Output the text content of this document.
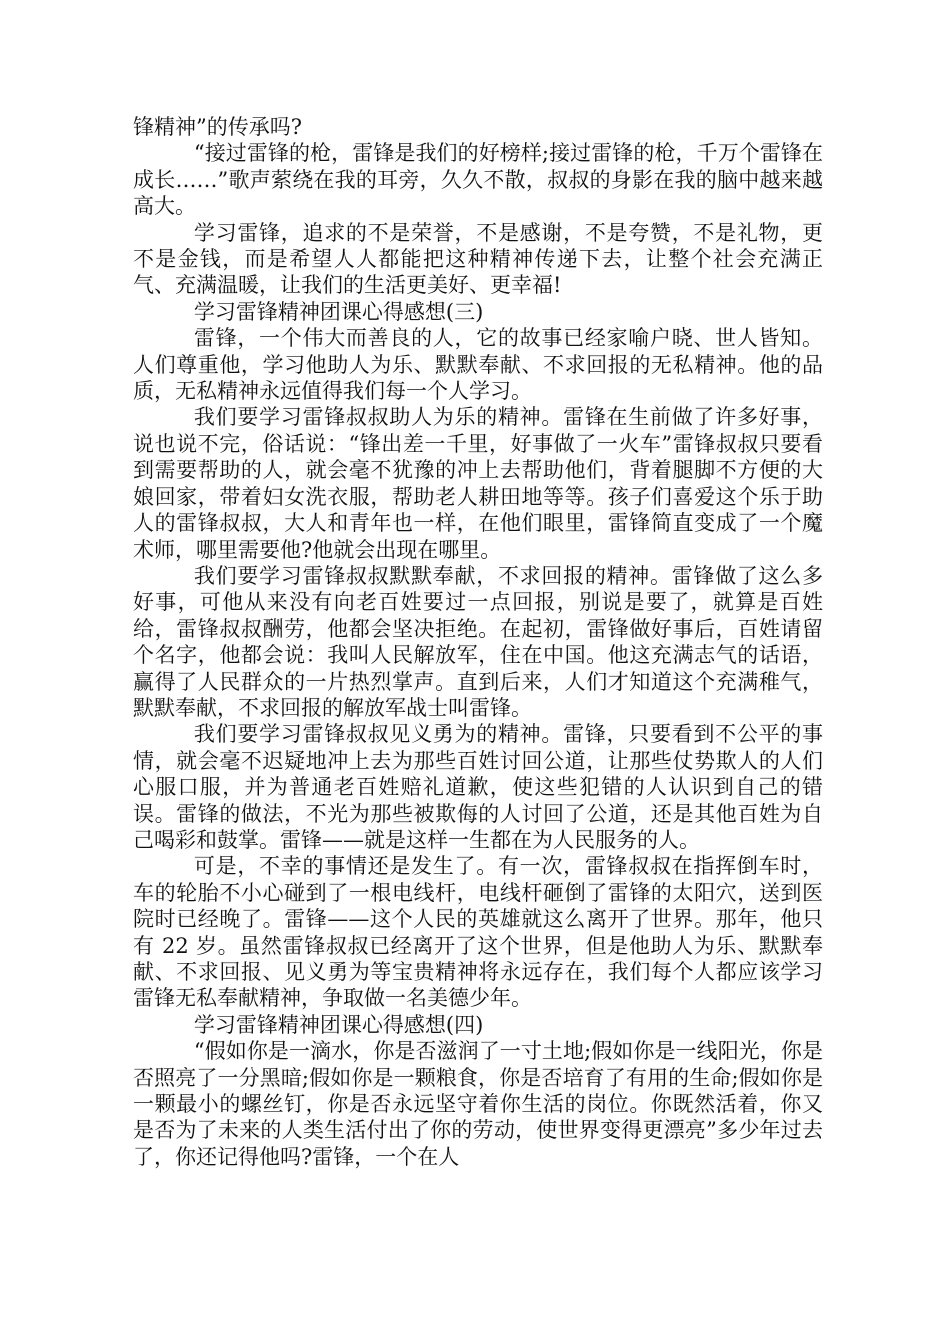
锋精神”的传承吗?

“接过雷锋的枪，雷锋是我们的好榜样;接过雷锋的枪，千万个雷锋在成长……”歌声萦绕在我的耳旁，久久不散，叔叔的身影在我的脑中越来越高大。

学习雷锋，追求的不是荣誉，不是感谢，不是夸赞，不是礼物，更不是金钱，而是希望人人都能把这种精神传递下去，让整个社会充满正气、充满温暖，让我们的生活更美好、更幸福!

学习雷锋精神团课心得感想(三)

雷锋，一个伟大而善良的人，它的故事已经家喻户晓、世人皆知。人们尊重他，学习他助人为乐、默默奉献、不求回报的无私精神。他的品质，无私精神永远值得我们每一个人学习。

我们要学习雷锋叔叔助人为乐的精神。雷锋在生前做了许多好事，说也说不完，俗话说：“锋出差一千里，好事做了一火车”雷锋叔叔只要看到需要帮助的人，就会毫不犹豫的冲上去帮助他们，背着腿脚不方便的大娘回家，带着妇女洗衣服，帮助老人耕田地等等。孩子们喜爱这个乐于助人的雷锋叔叔，大人和青年也一样，在他们眼里，雷锋简直变成了一个魔术师，哪里需要他?他就会出现在哪里。

我们要学习雷锋叔叔默默奉献，不求回报的精神。雷锋做了这么多好事，可他从来没有向老百姓要过一点回报，别说是要了，就算是百姓给，雷锋叔叔酬劳，他都会坚决拒绝。在起初，雷锋做好事后，百姓请留个名字，他都会说：我叫人民解放军，住在中国。他这充满志气的话语，赢得了人民群众的一片热烈掌声。直到后来，人们才知道这个充满稚气，默默奉献，不求回报的解放军战士叫雷锋。

我们要学习雷锋叔叔见义勇为的精神。雷锋，只要看到不公平的事情，就会毫不迟疑地冲上去为那些百姓讨回公道，让那些仗势欺人的人们心服口服，并为普通老百姓赔礼道歉，使这些犯错的人认识到自己的错误。雷锋的做法，不光为那些被欺侮的人讨回了公道，还是其他百姓为自己喝彩和鼓掌。雷锋——就是这样一生都在为人民服务的人。

可是，不幸的事情还是发生了。有一次，雷锋叔叔在指挥倒车时，车的轮胎不小心碰到了一根电线杆，电线杆砸倒了雷锋的太阳穴，送到医院时已经晚了。雷锋——这个人民的英雄就这么离开了世界。那年，他只有 22 岁。虽然雷锋叔叔已经离开了这个世界，但是他助人为乐、默默奉献、不求回报、见义勇为等宝贵精神将永远存在，我们每个人都应该学习雷锋无私奉献精神，争取做一名美德少年。

学习雷锋精神团课心得感想(四)

“假如你是一滴水，你是否滋润了一寸土地;假如你是一线阳光，你是否照亮了一分黑暗;假如你是一颗粮食，你是否培育了有用的生命;假如你是一颗最小的螺丝钉，你是否永远坚守着你生活的岗位。你既然活着，你又是否为了未来的人类生活付出了你的劳动，使世界变得更漂亮”多少年过去了，你还记得他吗?雷锋，一个在人
